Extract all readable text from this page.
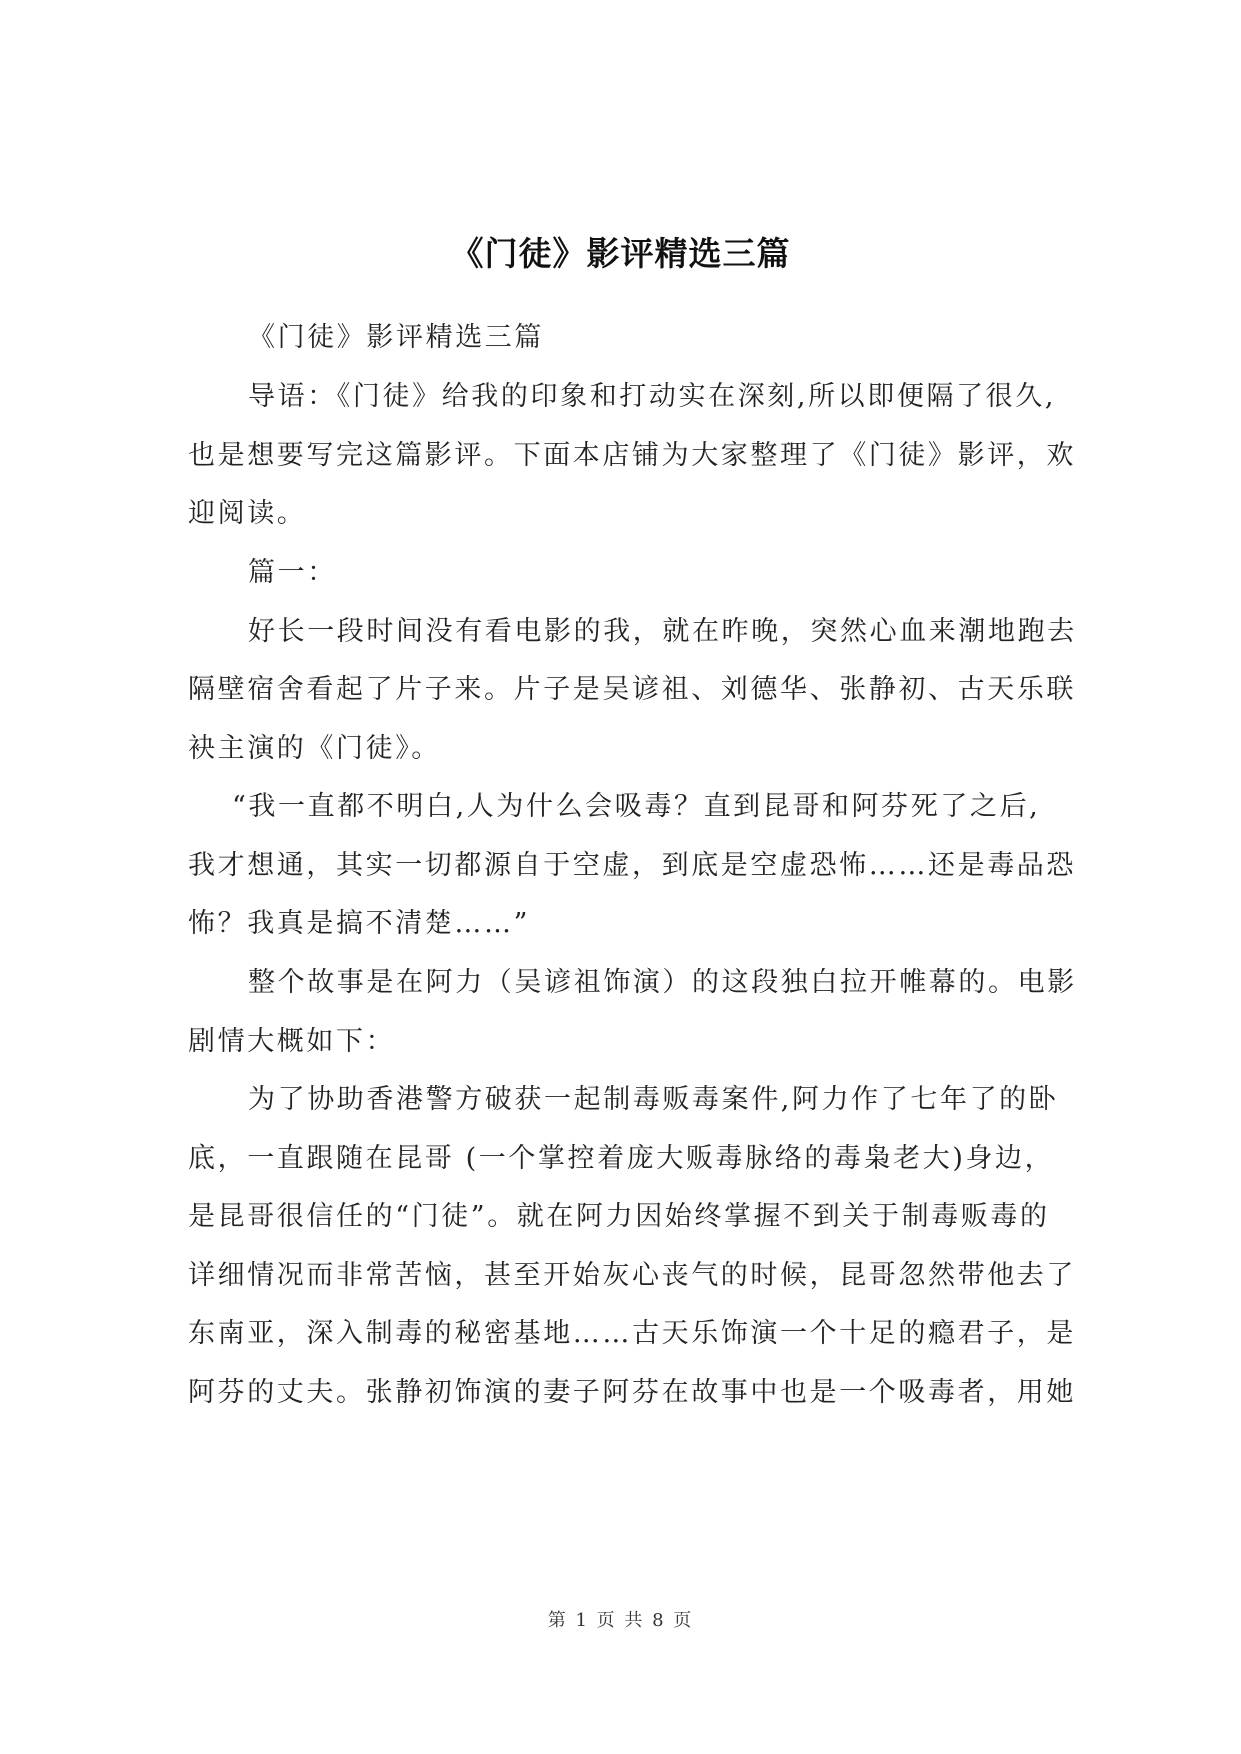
《门徒》影评精选三篇
《门徒》影评精选三篇
导语：《门徒》给我的印象和打动实在深刻,所以即便隔了很久,
也是想要写完这篇影评。下面本店铺为大家整理了《门徒》影评，欢
迎阅读。
篇一：
好长一段时间没有看电影的我，就在昨晚，突然心血来潮地跑去
隔壁宿舍看起了片子来。片子是吴谚祖、刘德华、张静初、古天乐联
袂主演的《门徒》。
“我一直都不明白,人为什么会吸毒？直到昆哥和阿芬死了之后,
我才想通，其实一切都源自于空虚，到底是空虚恐怖……还是毒品恐
怖？我真是搞不清楚……”
整个故事是在阿力（吴谚祖饰演）的这段独白拉开帷幕的。电影
剧情大概如下：
为了协助香港警方破获一起制毒贩毒案件,阿力作了七年了的卧
底，一直跟随在昆哥 (一个掌控着庞大贩毒脉络的毒枭老大)身边，
是昆哥很信任的“门徒”。就在阿力因始终掌握不到关于制毒贩毒的
详细情况而非常苦恼，甚至开始灰心丧气的时候，昆哥忽然带他去了
东南亚，深入制毒的秘密基地……古天乐饰演一个十足的瘾君子，是
阿芬的丈夫。张静初饰演的妻子阿芬在故事中也是一个吸毒者，用她
第 1 页 共 8 页
